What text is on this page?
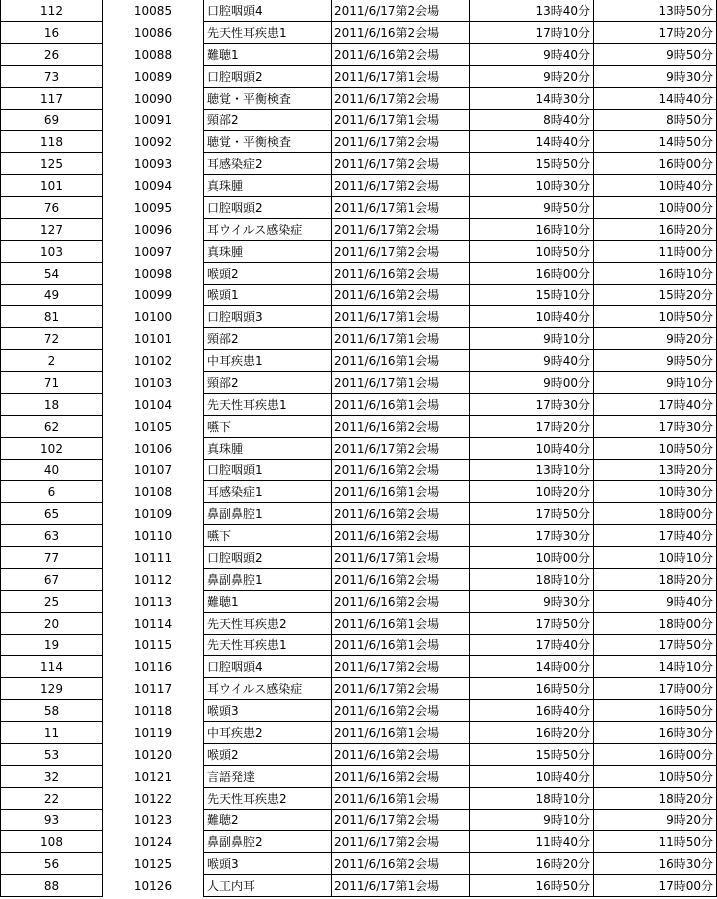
112	10085	口腔咽頭4	2011/6/17第2会場	13時40分	13時50分
16	10086	先天性耳疾患1	2011/6/16第2会場	17時10分	17時20分
26	10088	難聴1	2011/6/16第2会場	9時40分	9時50分
73	10089	口腔咽頭2	2011/6/17第1会場	9時20分	9時30分
117	10090	聴覚・平衡検査	2011/6/17第2会場	14時30分	14時40分
69	10091	頸部2	2011/6/17第1会場	8時40分	8時50分
118	10092	聴覚・平衡検査	2011/6/17第2会場	14時40分	14時50分
125	10093	耳感染症2	2011/6/17第2会場	15時50分	16時00分
101	10094	真珠腫	2011/6/17第2会場	10時30分	10時40分
76	10095	口腔咽頭2	2011/6/17第1会場	9時50分	10時00分
127	10096	耳ウイルス感染症	2011/6/17第2会場	16時10分	16時20分
103	10097	真珠腫	2011/6/17第2会場	10時50分	11時00分
54	10098	喉頭2	2011/6/16第2会場	16時00分	16時10分
49	10099	喉頭1	2011/6/16第2会場	15時10分	15時20分
81	10100	口腔咽頭3	2011/6/17第1会場	10時40分	10時50分
72	10101	頸部2	2011/6/17第1会場	9時10分	9時20分
2	10102	中耳疾患1	2011/6/16第1会場	9時40分	9時50分
71	10103	頸部2	2011/6/17第1会場	9時00分	9時10分
18	10104	先天性耳疾患1	2011/6/16第1会場	17時30分	17時40分
62	10105	嚥下	2011/6/16第2会場	17時20分	17時30分
102	10106	真珠腫	2011/6/17第2会場	10時40分	10時50分
40	10107	口腔咽頭1	2011/6/16第2会場	13時10分	13時20分
6	10108	耳感染症1	2011/6/16第1会場	10時20分	10時30分
65	10109	鼻副鼻腔1	2011/6/16第2会場	17時50分	18時00分
63	10110	嚥下	2011/6/16第2会場	17時30分	17時40分
77	10111	口腔咽頭2	2011/6/17第1会場	10時00分	10時10分
67	10112	鼻副鼻腔1	2011/6/16第2会場	18時10分	18時20分
25	10113	難聴1	2011/6/16第2会場	9時30分	9時40分
20	10114	先天性耳疾患2	2011/6/16第1会場	17時50分	18時00分
19	10115	先天性耳疾患1	2011/6/16第1会場	17時40分	17時50分
114	10116	口腔咽頭4	2011/6/17第2会場	14時00分	14時10分
129	10117	耳ウイルス感染症	2011/6/17第2会場	16時50分	17時00分
58	10118	喉頭3	2011/6/16第2会場	16時40分	16時50分
11	10119	中耳疾患2	2011/6/16第1会場	16時20分	16時30分
53	10120	喉頭2	2011/6/16第2会場	15時50分	16時00分
32	10121	言語発達	2011/6/16第2会場	10時40分	10時50分
22	10122	先天性耳疾患2	2011/6/16第1会場	18時10分	18時20分
93	10123	難聴2	2011/6/17第2会場	9時10分	9時20分
108	10124	鼻副鼻腔2	2011/6/17第2会場	11時40分	11時50分
56	10125	喉頭3	2011/6/16第2会場	16時20分	16時30分
88	10126	人工内耳	2011/6/17第1会場	16時50分	17時00分
